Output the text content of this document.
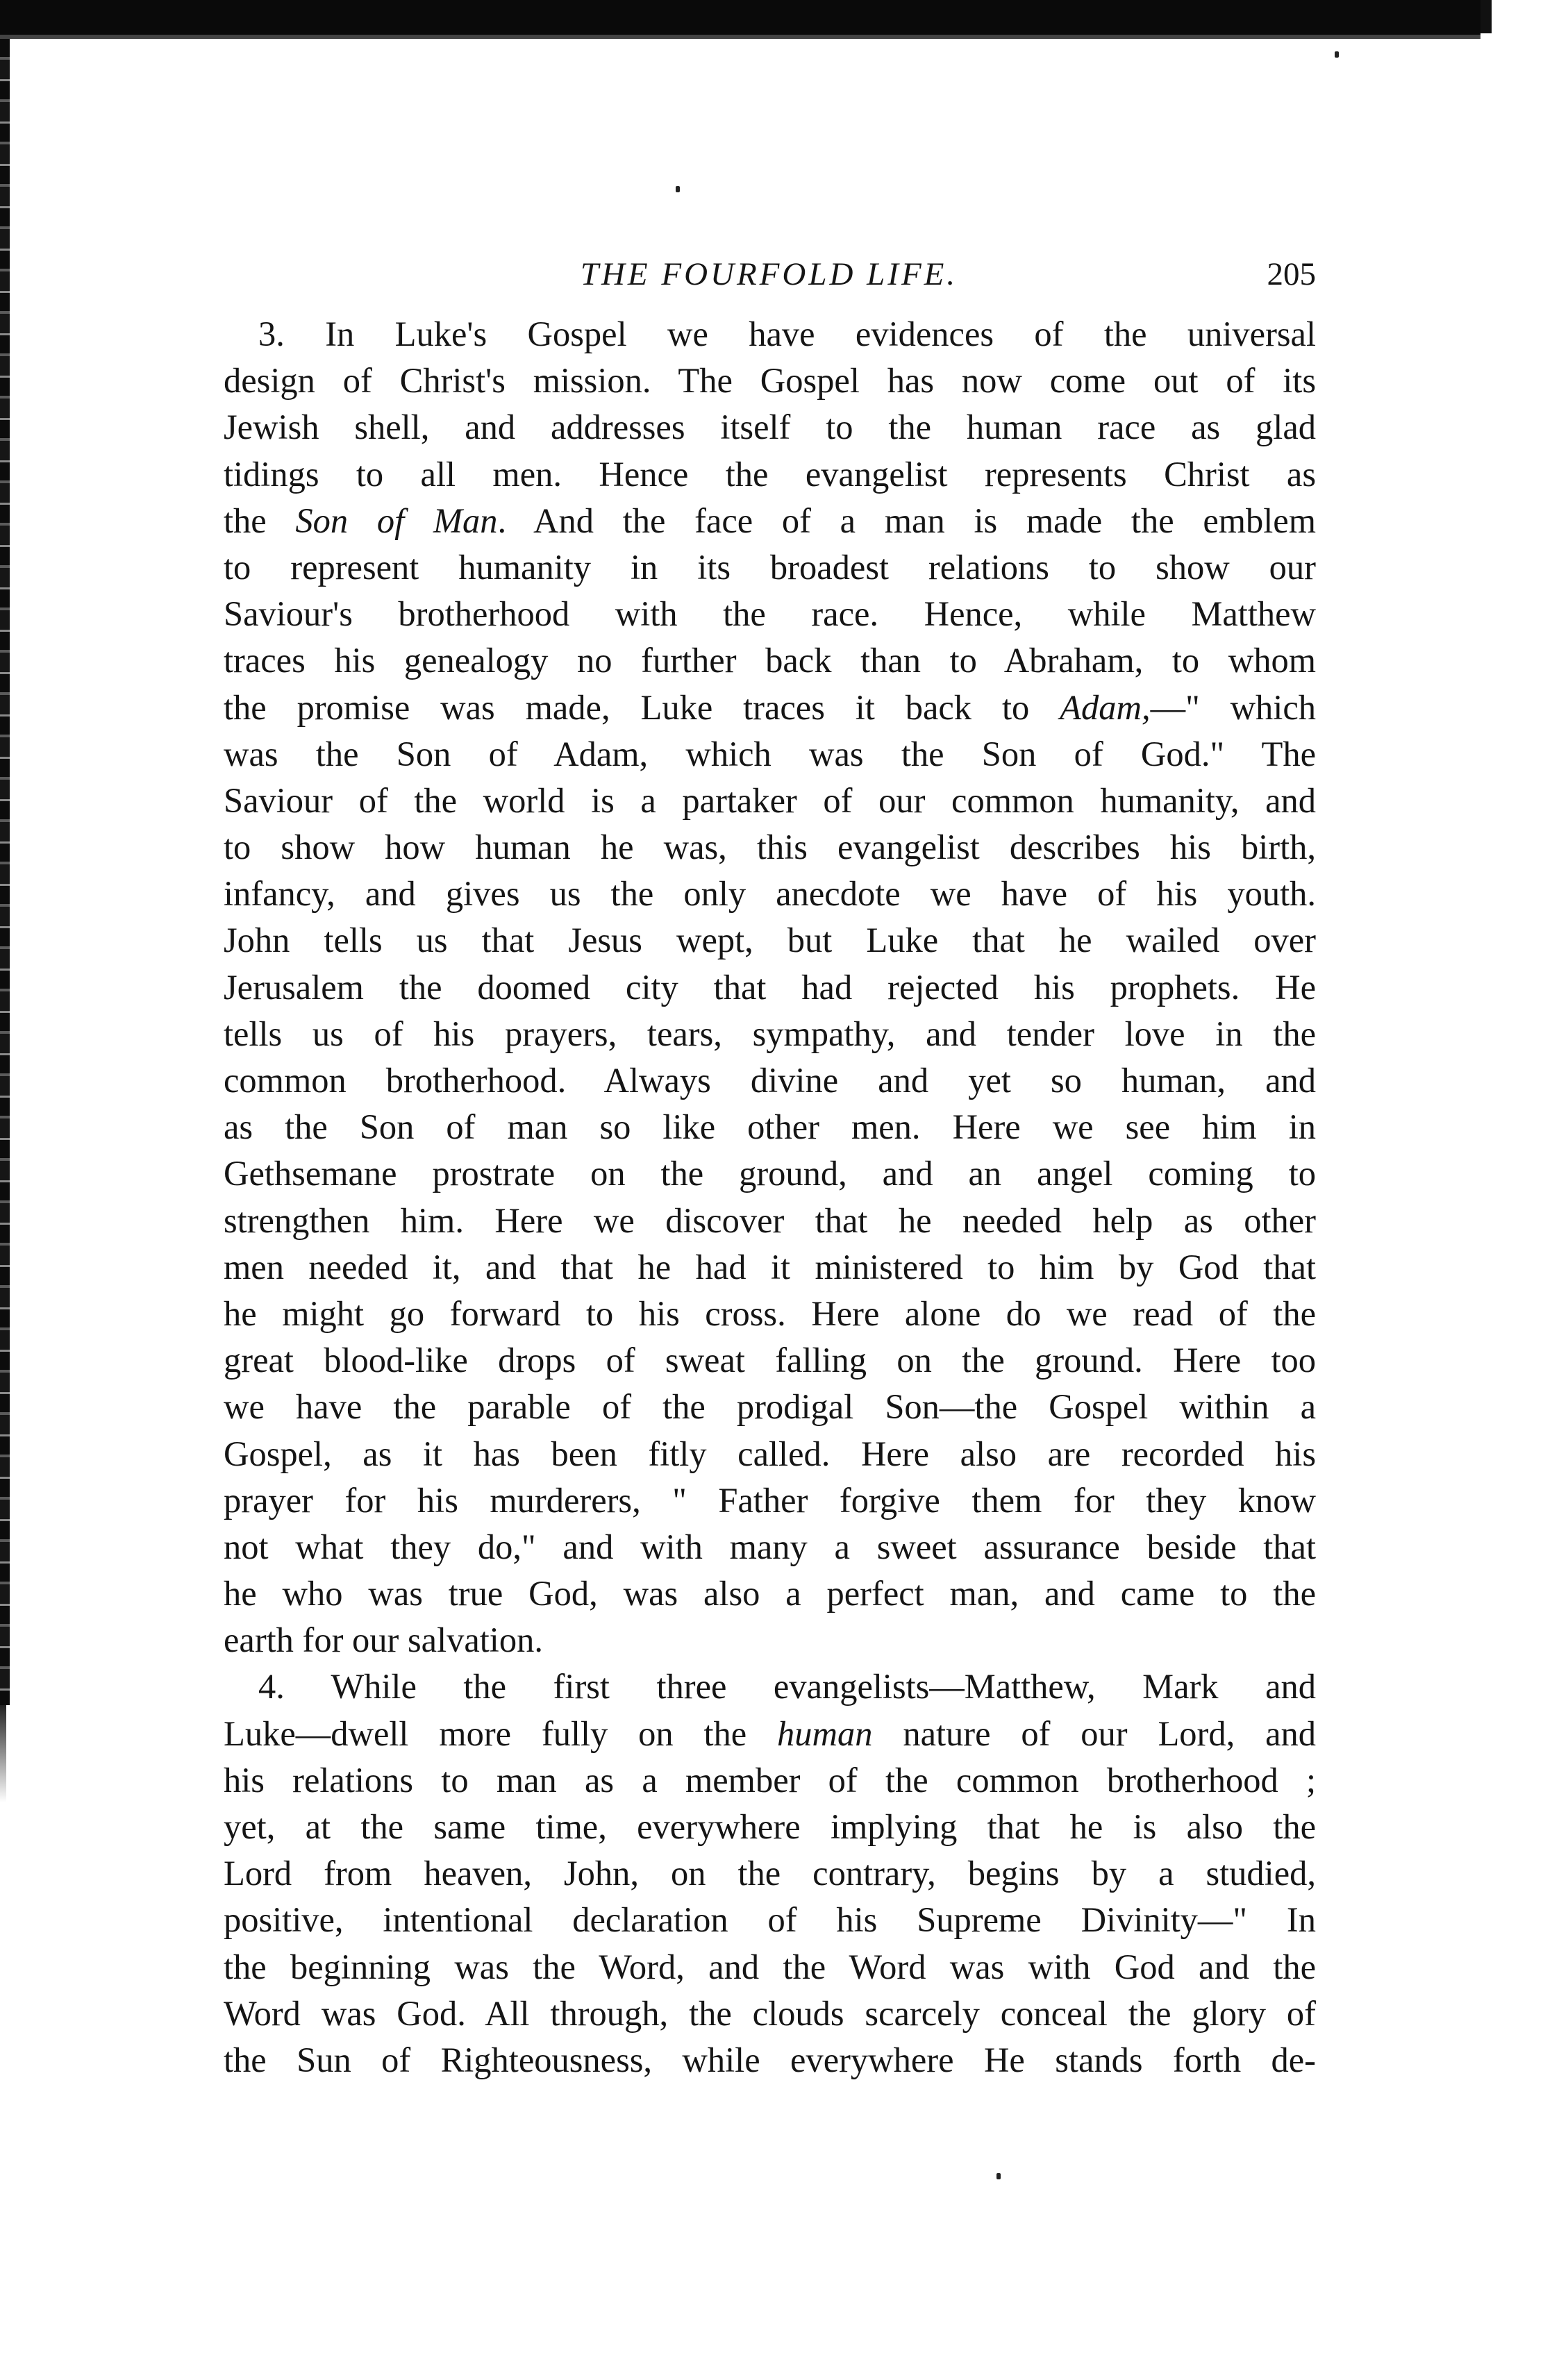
THE FOURFOLD LIFE.	205
3. In Luke's Gospel we have evidences of the universal
design of Christ's mission. The Gospel has now come out of its
Jewish shell, and addresses itself to the human race as glad
tidings to all men. Hence the evangelist represents Christ as
the Son of Man. And the face of a man is made the emblem
to represent humanity in its broadest relations to show our
Saviour's brotherhood with the race. Hence, while Matthew
traces his genealogy no further back than to Abraham, to whom
the promise was made, Luke traces it back to Adam,—" which
was the Son of Adam, which was the Son of God." The
Saviour of the world is a partaker of our common humanity, and
to show how human he was, this evangelist describes his birth,
infancy, and gives us the only anecdote we have of his youth.
John tells us that Jesus wept, but Luke that he wailed over
Jerusalem the doomed city that had rejected his prophets. He
tells us of his prayers, tears, sympathy, and tender love in the
common brotherhood. Always divine and yet so human, and
as the Son of man so like other men. Here we see him in
Gethsemane prostrate on the ground, and an angel coming to
strengthen him. Here we discover that he needed help as other
men needed it, and that he had it ministered to him by God that
he might go forward to his cross. Here alone do we read of the
great blood-like drops of sweat falling on the ground. Here too
we have the parable of the prodigal Son—the Gospel within a
Gospel, as it has been fitly called. Here also are recorded his
prayer for his murderers, " Father forgive them for they know
not what they do," and with many a sweet assurance beside that
he who was true God, was also a perfect man, and came to the
earth for our salvation.
4. While the first three evangelists—Matthew, Mark and
Luke—dwell more fully on the human nature of our Lord, and
his relations to man as a member of the common brotherhood ;
yet, at the same time, everywhere implying that he is also the
Lord from heaven, John, on the contrary, begins by a studied,
positive, intentional declaration of his Supreme Divinity—" In
the beginning was the Word, and the Word was with God and the
Word was God. All through, the clouds scarcely conceal the glory of
the Sun of Righteousness, while everywhere He stands forth de-
